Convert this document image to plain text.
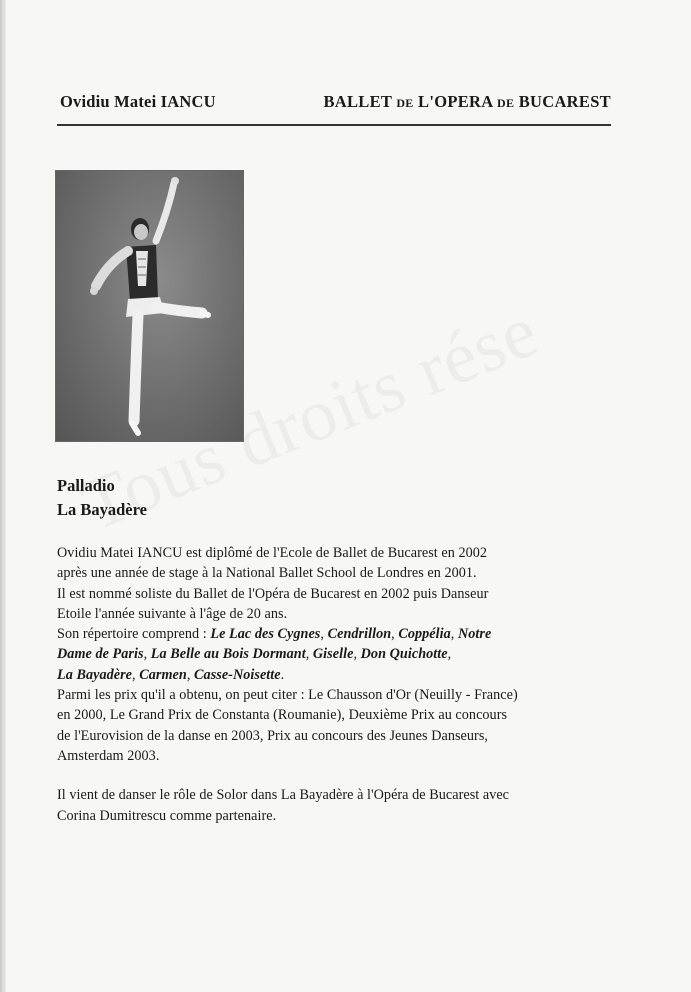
Ovidiu Matei IANCU	BALLET DE L'OPERA DE BUCAREST
Palladio
La Bayadère

Ovidiu Matei IANCU est diplômé de l'Ecole de Ballet de Bucarest en 2002

après une année de stage à la National Ballet School de Londres en 2001.

Il est nommé soliste du Ballet de l'Opéra de Bucarest en 2002 puis Danseur

Etoile l'année suivante à l'âge de 20 ans.

Son répertoire comprend : Le Lac des Cygnes, Cendrillon, Coppélia, Notre

Dame de Paris, La Belle au Bois Dormant, Giselle, Don Quichotte,

La Bayadère, Carmen, Casse-Noisette.

Parmi les prix qu'il a obtenu, on peut citer : Le Chausson d'Or (Neuilly - France)

en 2000, Le Grand Prix de Constanta (Roumanie), Deuxième Prix au concours

de l'Eurovision de la danse en 2003, Prix au concours des Jeunes Danseurs,

Amsterdam 2003.

Il vient de danser le rôle de Solor dans La Bayadère à l'Opéra de Bucarest avec

Corina Dumitrescu comme partenaire.
